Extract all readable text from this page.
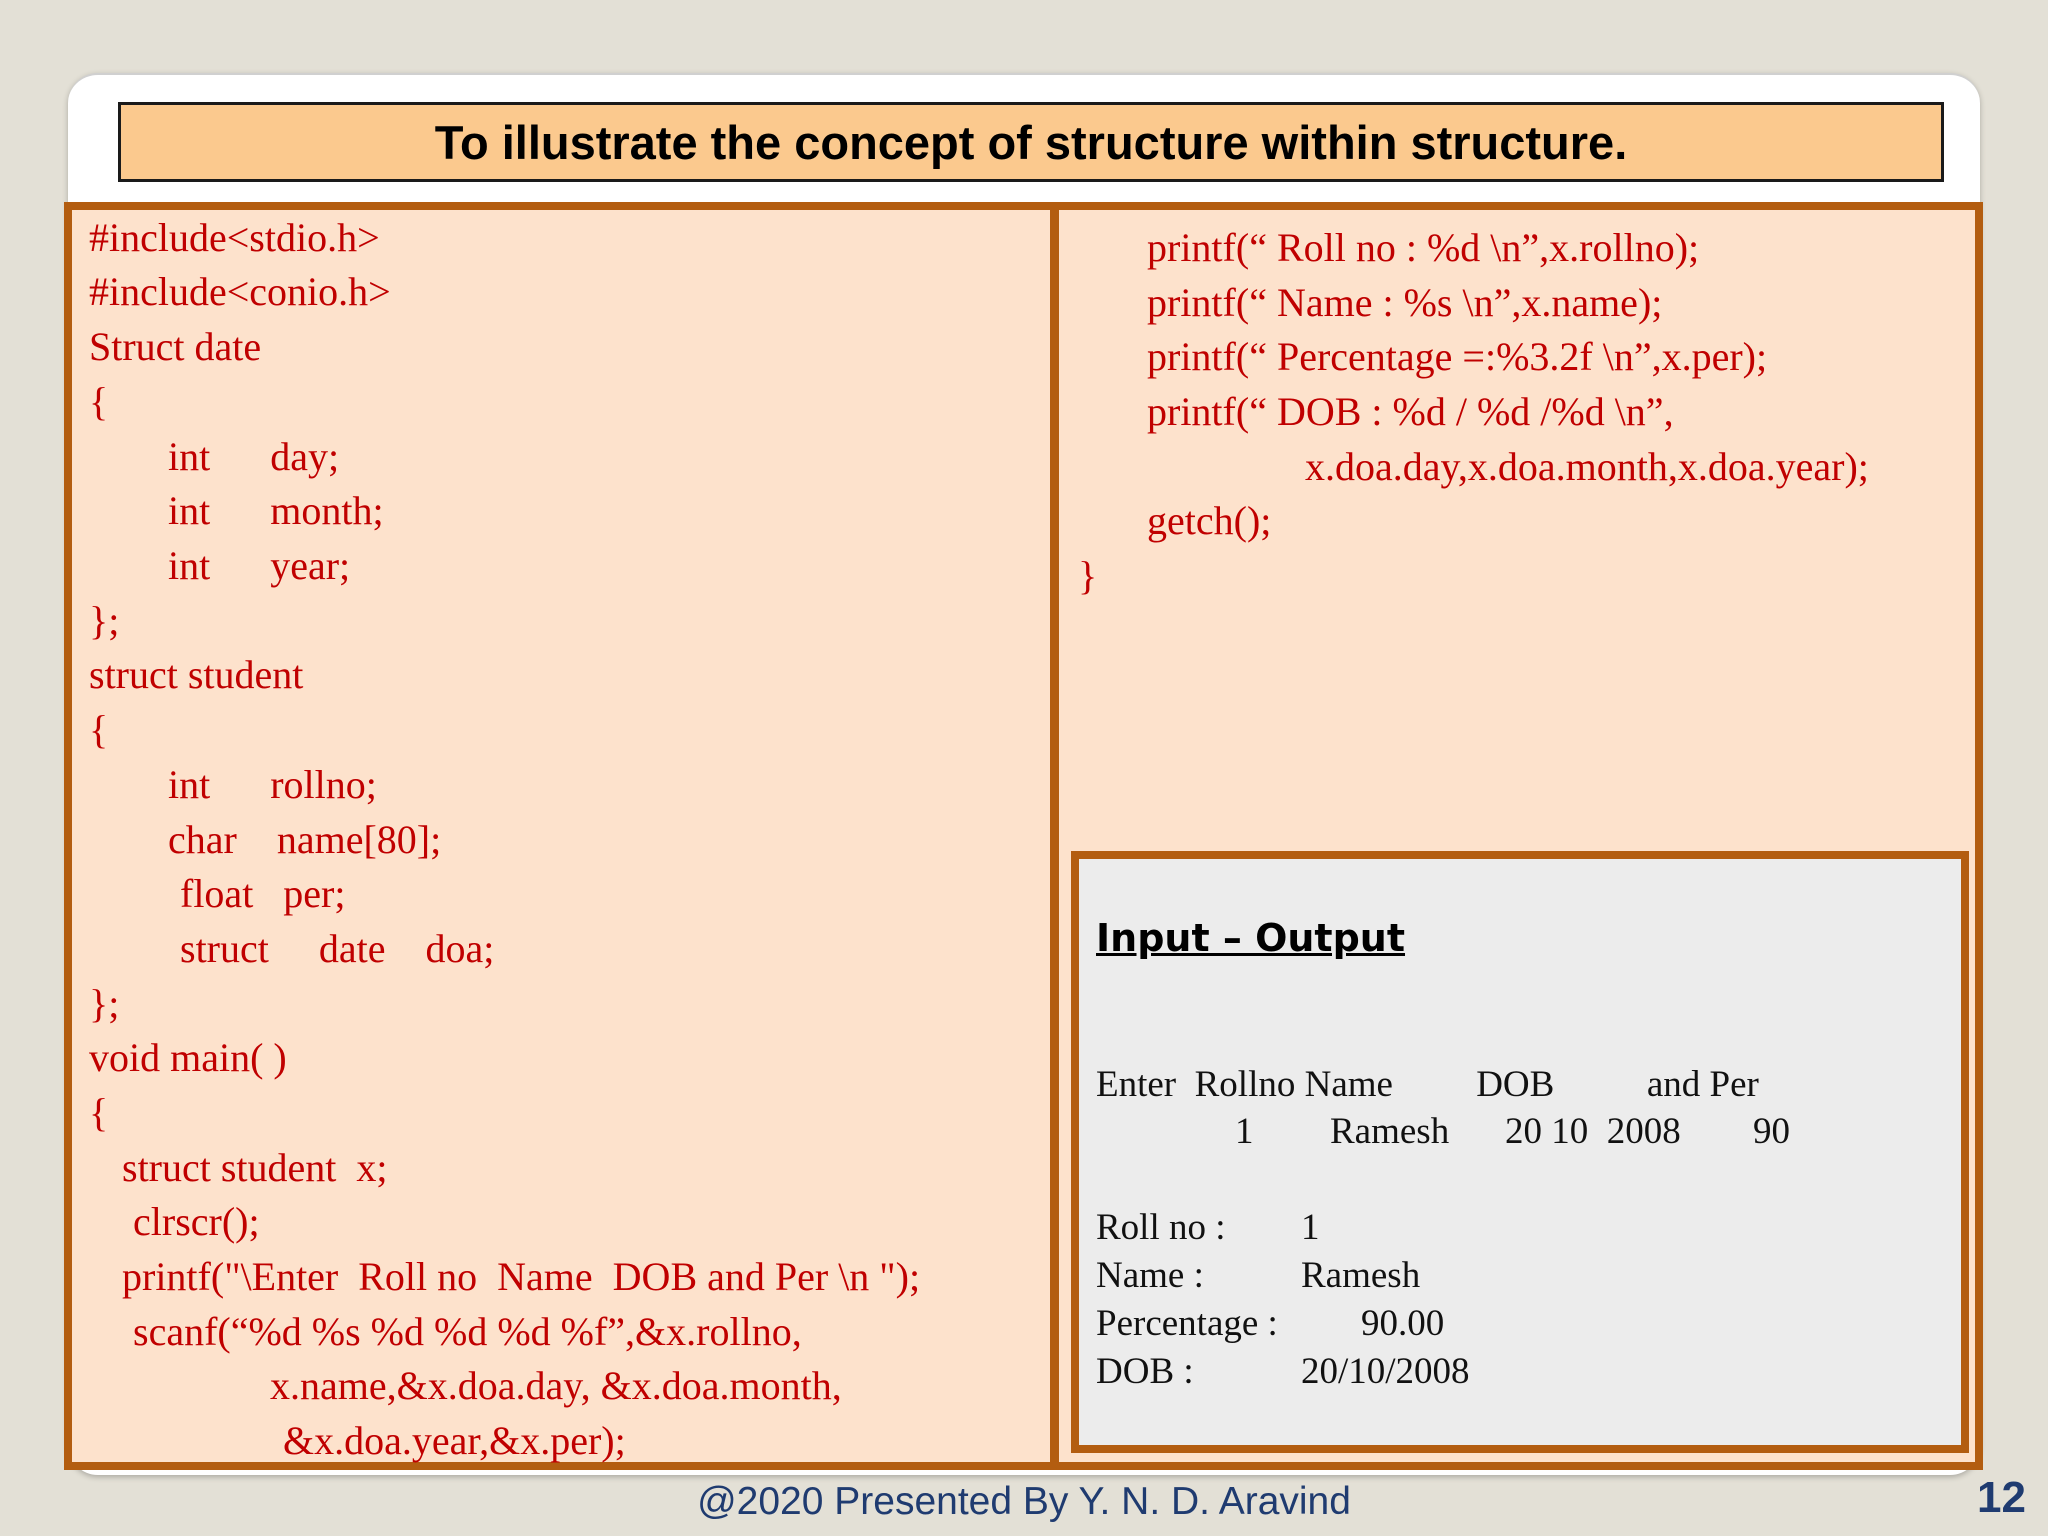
To illustrate the concept of structure within structure.
#include<stdio.h>
#include<conio.h>
Struct date
{
int      day;
int      month;
int      year;
};
struct student
{
int      rollno;
char    name[80];
float   per;
struct     date    doa;
};
void main( )
{
struct student  x;
clrscr();
printf("\Enter  Roll no  Name  DOB and Per \n ");
scanf(“%d %s %d %d %d %f”,&x.rollno,
x.name,&x.doa.day, &x.doa.month,
&x.doa.year,&x.per);
printf(“ Roll no : %d \n”,x.rollno);
printf(“ Name : %s \n”,x.name);
printf(“ Percentage =:%3.2f \n”,x.per);
printf(“ DOB : %d / %d /%d \n”,
x.doa.day,x.doa.month,x.doa.year);
getch();
}
Input – Output
Enter  Rollno Name         DOB          and Per
1 Ramesh 20 10  2008 90
Roll no : 1
Name :	Ramesh
Percentage : 90.00
DOB :	20/10/2008
@2020 Presented By Y. N. D. Aravind	12
